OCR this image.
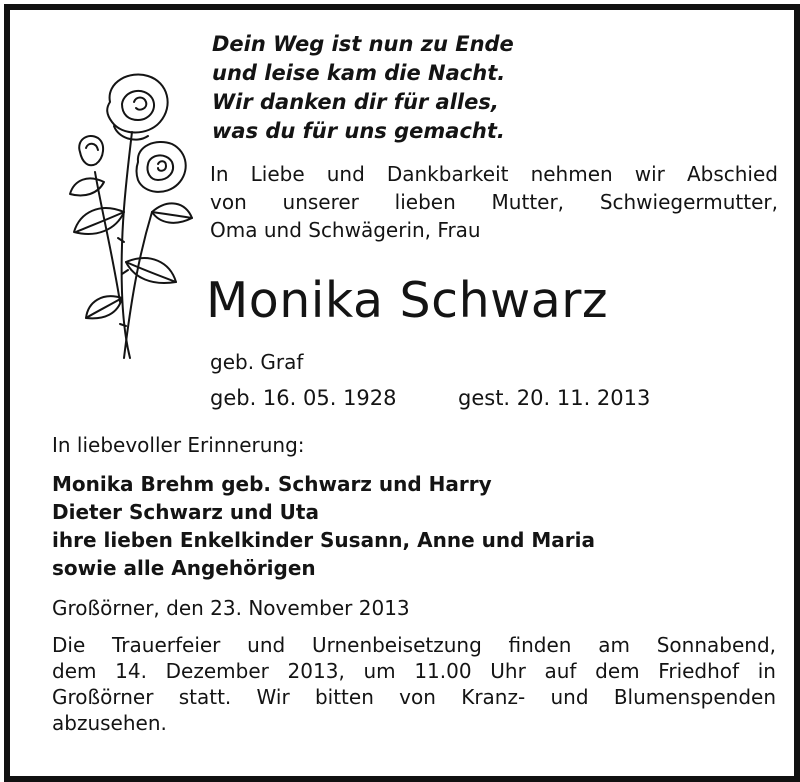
Dein Weg ist nun zu Ende
und leise kam die Nacht.
Wir danken dir für alles,
was du für uns gemacht.
In Liebe und Dankbarkeit nehmen wir Abschied
von unserer lieben Mutter, Schwiegermutter,
Oma und Schwägerin, Frau
Monika Schwarz
geb. Graf
geb. 16. 05. 1928	gest. 20. 11. 2013
In liebevoller Erinnerung:
Monika Brehm geb. Schwarz und Harry
Dieter Schwarz und Uta
ihre lieben Enkelkinder Susann, Anne und Maria
sowie alle Angehörigen
Großörner, den 23. November 2013
Die Trauerfeier und Urnenbeisetzung finden am Sonnabend,
dem 14. Dezember 2013, um 11.00 Uhr auf dem Friedhof in
Großörner statt. Wir bitten von Kranz- und Blumenspenden
abzusehen.
